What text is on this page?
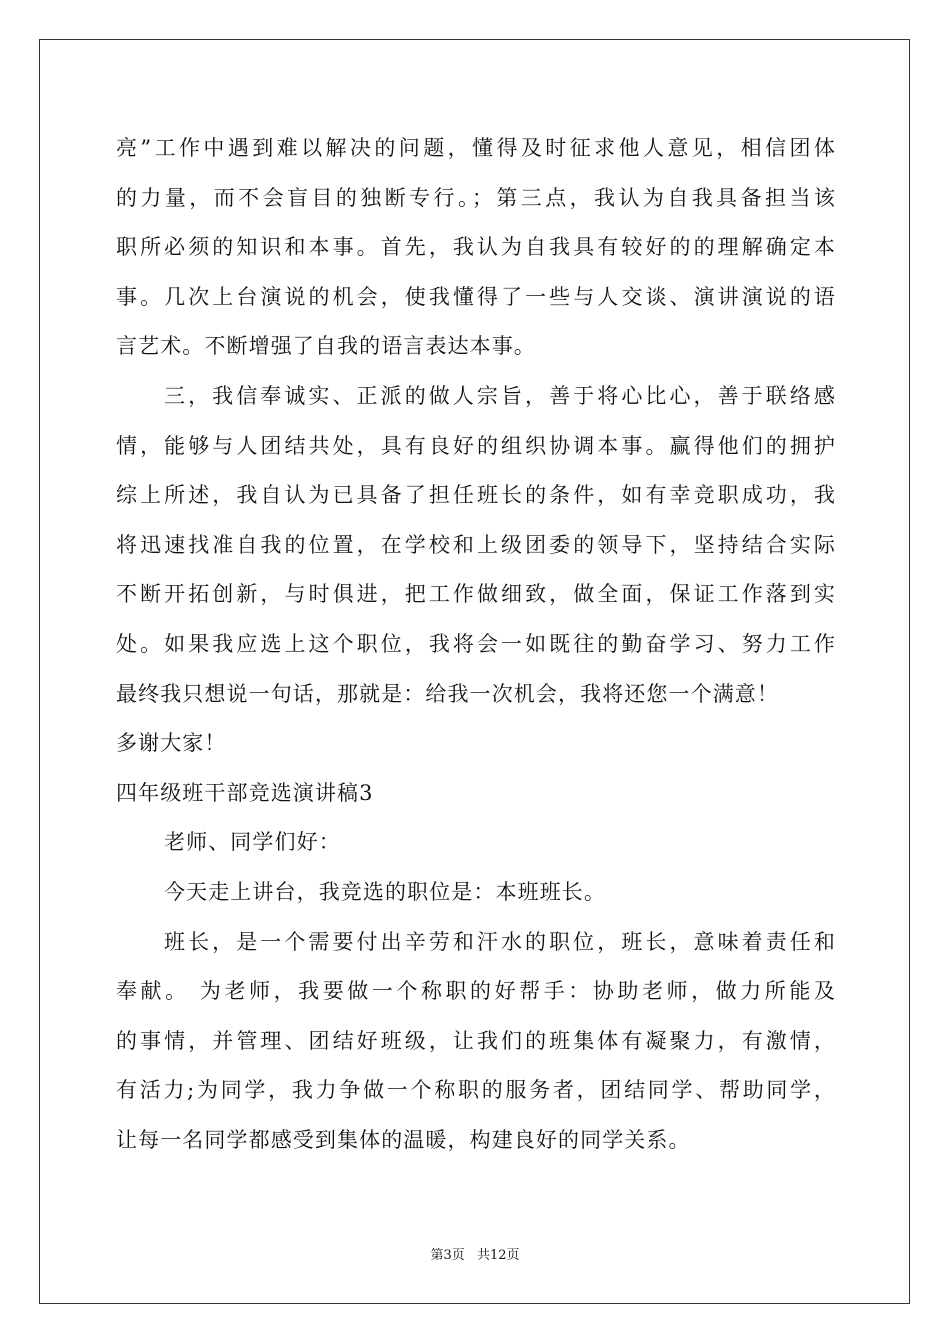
亮”工作中遇到难以解决的问题，懂得及时征求他人意见，相信团体
的力量，而不会盲目的独断专行。；第三点，我认为自我具备担当该
职所必须的知识和本事。首先，我认为自我具有较好的的理解确定本
事。几次上台演说的机会，使我懂得了一些与人交谈、演讲演说的语
言艺术。不断增强了自我的语言表达本事。
三，我信奉诚实、正派的做人宗旨，善于将心比心，善于联络感
情，能够与人团结共处，具有良好的组织协调本事。赢得他们的拥护
综上所述，我自认为已具备了担任班长的条件，如有幸竞职成功，我
将迅速找准自我的位置，在学校和上级团委的领导下，坚持结合实际
不断开拓创新，与时俱进，把工作做细致，做全面，保证工作落到实
处。如果我应选上这个职位，我将会一如既往的勤奋学习、努力工作
最终我只想说一句话，那就是：给我一次机会，我将还您一个满意！
多谢大家！
四年级班干部竞选演讲稿3
老师、同学们好：
今天走上讲台，我竞选的职位是：本班班长。
班长，是一个需要付出辛劳和汗水的职位，班长，意味着责任和
奉献。 为老师，我要做一个称职的好帮手：协助老师，做力所能及
的事情，并管理、团结好班级，让我们的班集体有凝聚力，有激情，
有活力;为同学，我力争做一个称职的服务者，团结同学、帮助同学，
让每一名同学都感受到集体的温暖，构建良好的同学关系。
第3页 共12页
